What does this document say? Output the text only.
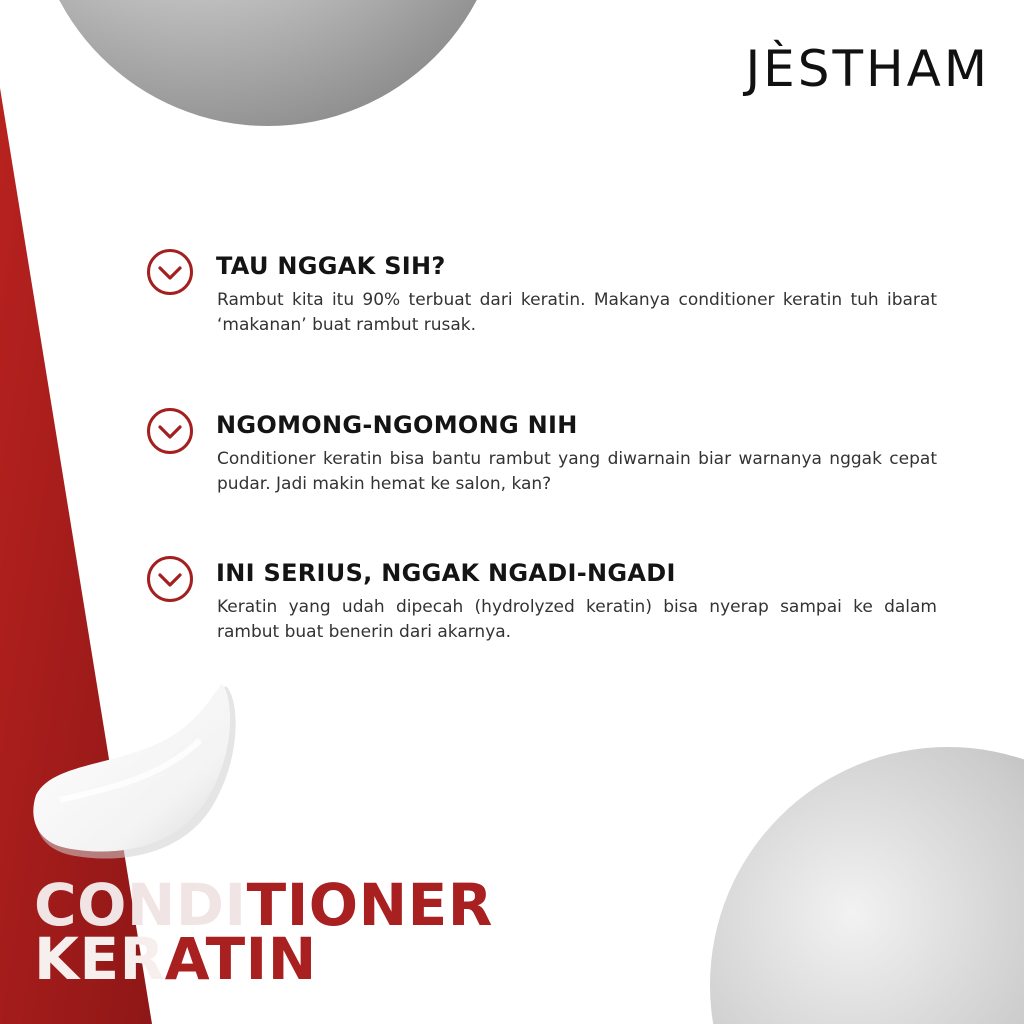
JÈSTHAM
TAU NGGAK SIH?
Rambut kita itu 90% terbuat dari keratin. Makanya conditioner keratin tuh ibarat ‘makanan’ buat rambut rusak.
NGOMONG-NGOMONG NIH
Conditioner keratin bisa bantu rambut yang diwarnain biar warnanya nggak cepat pudar. Jadi makin hemat ke salon, kan?
INI SERIUS, NGGAK NGADI-NGADI
Keratin yang udah dipecah (hydrolyzed keratin) bisa nyerap sampai ke dalam rambut buat benerin dari akarnya.
CONDITIONER
KERATIN
